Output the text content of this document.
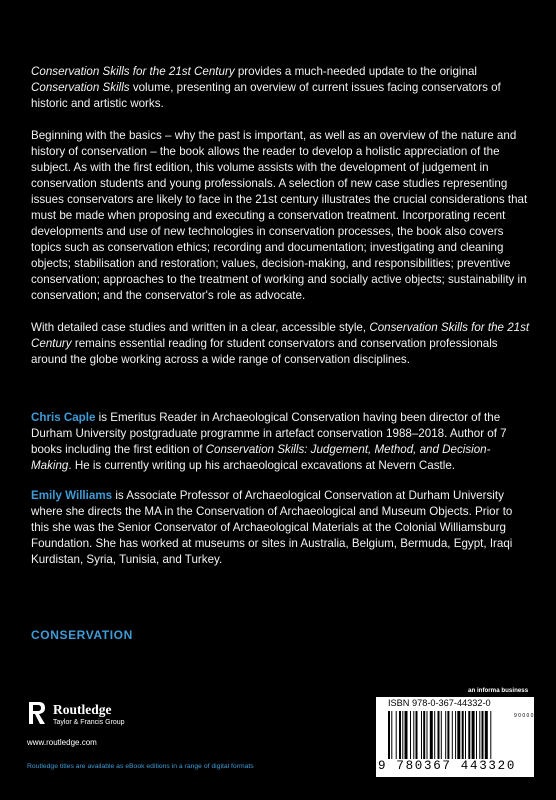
Conservation Skills for the 21st Century provides a much-needed update to the original Conservation Skills volume, presenting an overview of current issues facing conservators of historic and artistic works.

Beginning with the basics – why the past is important, as well as an overview of the nature and history of conservation – the book allows the reader to develop a holistic appreciation of the subject. As with the first edition, this volume assists with the development of judgement in conservation students and young professionals. A selection of new case studies representing issues conservators are likely to face in the 21st century illustrates the crucial considerations that must be made when proposing and executing a conservation treatment. Incorporating recent developments and use of new technologies in conservation processes, the book also covers topics such as conservation ethics; recording and documentation; investigating and cleaning objects; stabilisation and restoration; values, decision-making, and responsibilities; preventive conservation; approaches to the treatment of working and socially active objects; sustainability in conservation; and the conservator's role as advocate.

With detailed case studies and written in a clear, accessible style, Conservation Skills for the 21st Century remains essential reading for student conservators and conservation professionals around the globe working across a wide range of conservation disciplines.

Chris Caple is Emeritus Reader in Archaeological Conservation having been director of the Durham University postgraduate programme in artefact conservation 1988–2018. Author of 7 books including the first edition of Conservation Skills: Judgement, Method, and Decision-Making. He is currently writing up his archaeological excavations at Nevern Castle.

Emily Williams is Associate Professor of Archaeological Conservation at Durham University where she directs the MA in the Conservation of Archaeological and Museum Objects. Prior to this she was the Senior Conservator of Archaeological Materials at the Colonial Williamsburg Foundation. She has worked at museums or sites in Australia, Belgium, Bermuda, Egypt, Iraqi Kurdistan, Syria, Tunisia, and Turkey.

CONSERVATION
Routledge
Taylor & Francis Group
www.routledge.com
Routledge titles are available as eBook editions in a range of digital formats
an informa business
ISBN 978-0-367-44332-0
9 0 0 0 0
9 780367 443320
